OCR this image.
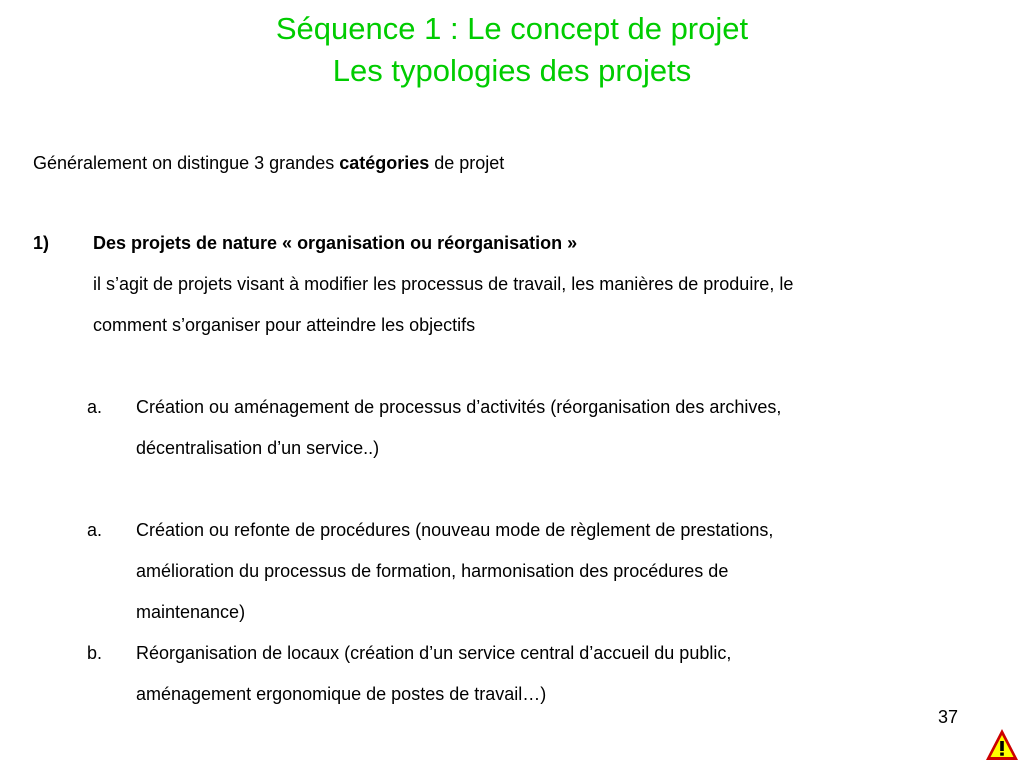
Séquence 1 : Le concept de projet
Les typologies des projets
Généralement on distingue 3 grandes catégories de projet
1) Des projets de nature « organisation ou réorganisation »
il s’agit de projets visant à modifier les processus de travail, les manières de produire, le
comment s’organiser pour atteindre les objectifs
a. Création ou aménagement de processus d’activités (réorganisation des archives,
décentralisation d’un service..)
a. Création ou refonte de procédures (nouveau mode de règlement de prestations,
amélioration du processus de formation, harmonisation des procédures de
maintenance)
b. Réorganisation de locaux (création d’un service central d’accueil du public,
aménagement ergonomique de postes de travail…)
37
